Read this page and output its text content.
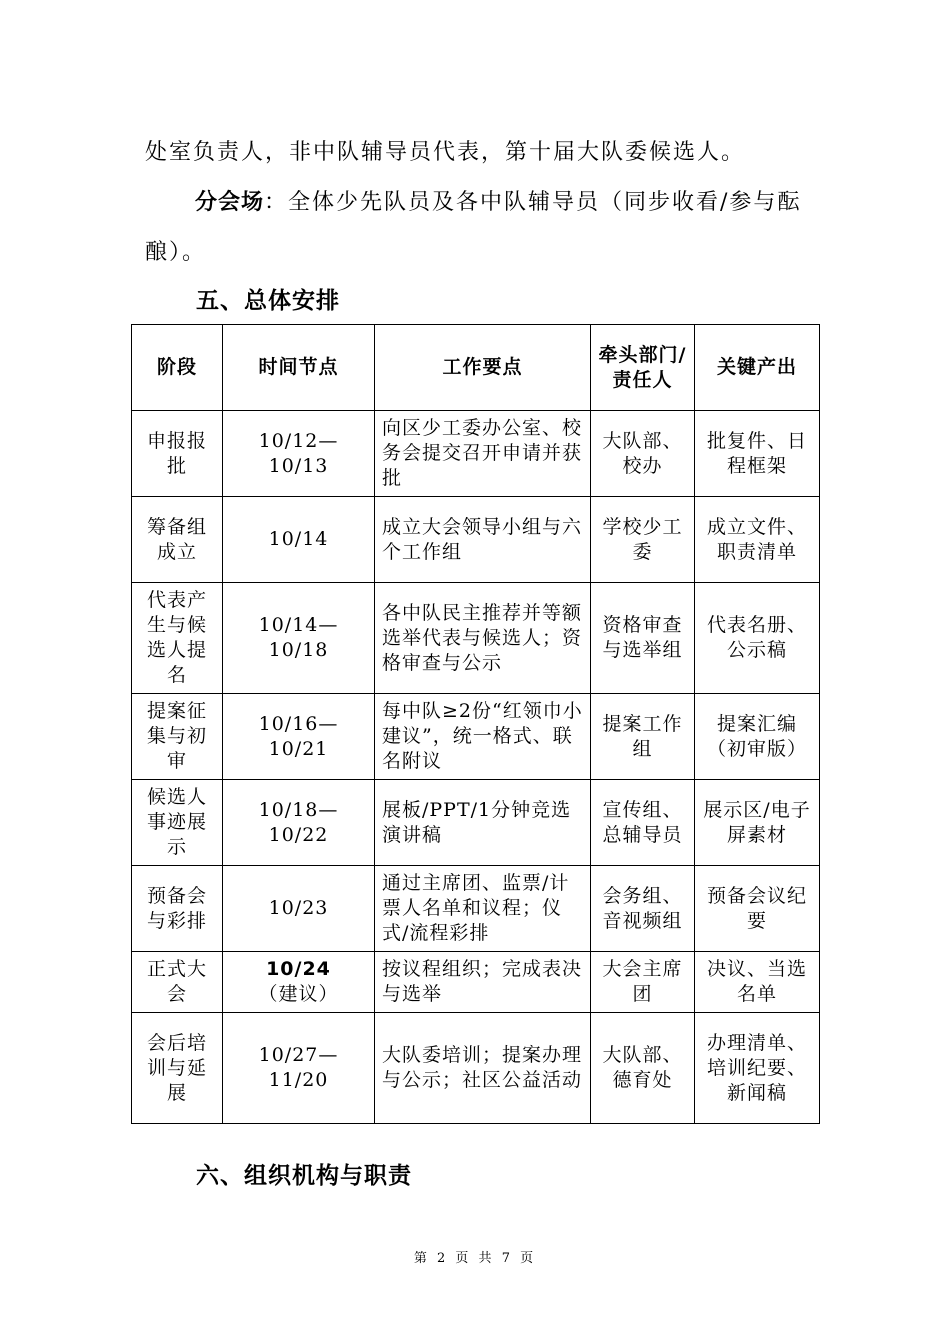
处室负责人，非中队辅导员代表，第十届大队委候选人。

分会场：全体少先队员及各中队辅导员（同步收看/参与酝酿）。

五、总体安排
阶段	时间节点	工作要点	牵头部门/责任人	关键产出
申报报批	10/12—10/13	向区少工委办公室、校务会提交召开申请并获批	大队部、校办	批复件、日程框架
筹备组成立	10/14	成立大会领导小组与六个工作组	学校少工委	成立文件、职责清单
代表产生与候选人提名	10/14—10/18	各中队民主推荐并等额选举代表与候选人；资格审查与公示	资格审查与选举组	代表名册、公示稿
提案征集与初审	10/16—10/21	每中队≥2份“红领巾小建议”，统一格式、联名附议	提案工作组	提案汇编（初审版）
候选人事迹展示	10/18—10/22	展板/PPT/1分钟竞选演讲稿	宣传组、总辅导员	展示区/电子屏素材
预备会与彩排	10/23	通过主席团、监票/计票人名单和议程；仪式/流程彩排	会务组、音视频组	预备会议纪要
正式大会	10/24（建议）	按议程组织；完成表决与选举	大会主席团	决议、当选名单
会后培训与延展	10/27—11/20	大队委培训；提案办理与公示；社区公益活动	大队部、德育处	办理清单、培训纪要、新闻稿
六、组织机构与职责
第 2 页 共 7 页
